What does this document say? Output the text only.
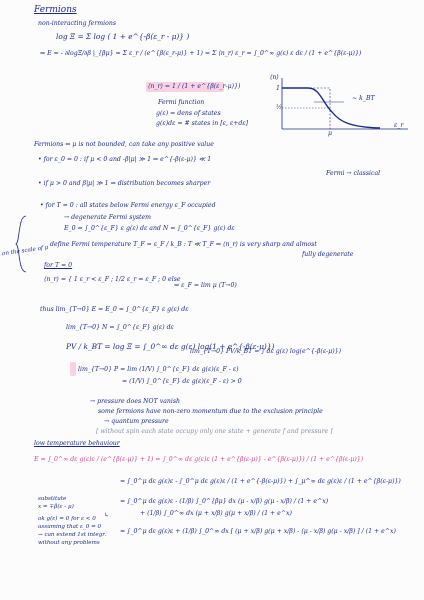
Fermions
non-interacting fermions
log Ξ = Σ log ( 1 + e^{-β(ε_r - μ)} )
⇒ E = - ∂logΞ/∂β |_{βμ} = Σ ε_r / (e^{β(ε_r-μ)} + 1) = Σ ⟨n_r⟩ ε_r = ∫_0^∞ g(ε) ε dε / (1 + e^{β(ε-μ)})
⟨n_r⟩ = 1 / (1 + e^{β(ε_r-μ)})
Fermi function
g(ε) = dens of states
g(ε)dε = # states in [ε, ε+dε]
⟨n⟩
1
½
μ
~ k_BT
ε_r
Fermions ⇒ μ is not bounded, can take any positive value
• for ε_0 = 0 : if μ < 0 and -β|μ| ≫ 1 ⇒ e^{-β(ε-μ)} ≪ 1
Fermi → classical
• if μ > 0 and β|μ| ≫ 1 ⇒ distribution becomes sharper
on the scale of μ
• for T = 0 : all states below Fermi energy ε_F occupied
→ degenerate Fermi system
E_0 = ∫_0^{ε_F} ε g(ε) dε and N = ∫_0^{ε_F} g(ε) dε
define Fermi temperature T_F = ε_F / k_B : T ≪ T_F ⇒ ⟨n_r⟩ is very sharp and almost
fully degenerate
for T = 0
⟨n_r⟩ = { 1 ε_r < ε_F ; 1/2 ε_r = ε_F ; 0 else
⇒ ε_F = lim μ (T→0)
thus lim_{T→0} E = E_0 = ∫_0^{ε_F} ε g(ε) dε
lim_{T→0} N = ∫_0^{ε_F} g(ε) dε
PV / k_BT = log Ξ = ∫_0^∞ dε g(ε) log(1 + e^{-β(ε-μ)})
lim_{T→0} PV/k_BT = ∫ dε g(ε) log(e^{-β(ε-μ)})
lim_{T→0} P = lim (1/V) ∫_0^{ε_F} dε g(ε)(ε_F - ε)
= (1/V) ∫_0^{ε_F} dε g(ε)(ε_F - ε) > 0
→ pressure does NOT vanish
some fermions have non-zero momentum due to the exclusion principle
→ quantum pressure
[ without spin each state occupy only one state + generate f and pressure ]
low temperature behaviour
E = ∫_0^∞ dε g(ε)ε / (e^{β(ε-μ)} + 1) = ∫_0^∞ dε g(ε)ε (1 + e^{β(ε-μ)} - e^{β(ε-μ)}) / (1 + e^{β(ε-μ)})
= ∫_0^μ dε g(ε)ε - ∫_0^μ dε g(ε)ε / (1 + e^{-β(ε-μ)}) + ∫_μ^∞ dε g(ε)ε / (1 + e^{β(ε-μ)})
= ∫_0^μ dε g(ε)ε - (1/β) ∫_0^{βμ} dx (μ - x/β) g(μ - x/β) / (1 + e^x)
+ (1/β) ∫_0^∞ dx (μ + x/β) g(μ + x/β) / (1 + e^x)
= ∫_0^μ dε g(ε)ε + (1/β) ∫_0^∞ dx [ (μ + x/β) g(μ + x/β) - (μ - x/β) g(μ - x/β) ] / (1 + e^x)
substitute
x = ∓β(ε - μ)
ok g(ε) = 0 for ε < 0
assuming that ε_0 = 0
→ can extend 1st integr.
without any problems
↳
